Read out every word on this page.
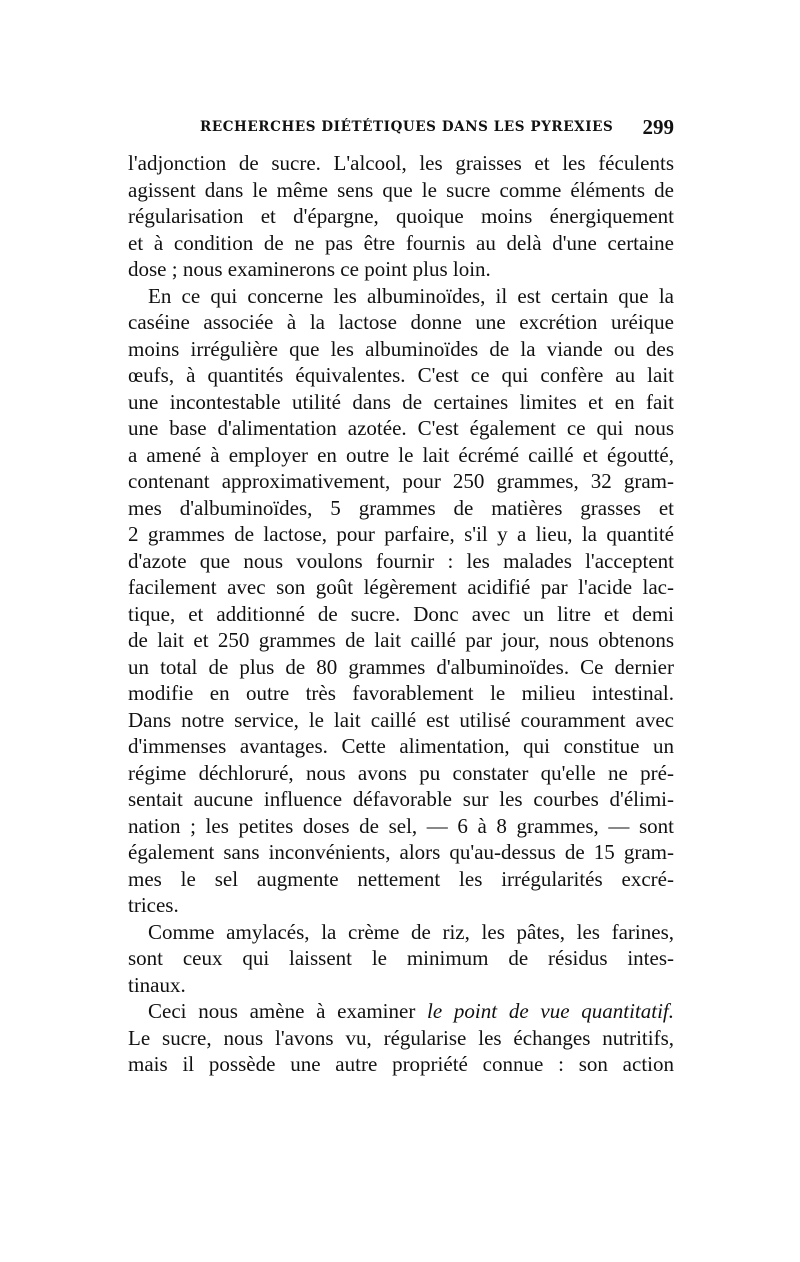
RECHERCHES DIÉTÉTIQUES DANS LES PYREXIES 299
l'adjonction de sucre. L'alcool, les graisses et les féculents
agissent dans le même sens que le sucre comme éléments de
régularisation et d'épargne, quoique moins énergiquement
et à condition de ne pas être fournis au delà d'une certaine
dose ; nous examinerons ce point plus loin.
En ce qui concerne les albuminoïdes, il est certain que la
caséine associée à la lactose donne une excrétion uréique
moins irrégulière que les albuminoïdes de la viande ou des
œufs, à quantités équivalentes. C'est ce qui confère au lait
une incontestable utilité dans de certaines limites et en fait
une base d'alimentation azotée. C'est également ce qui nous
a amené à employer en outre le lait écrémé caillé et égoutté,
contenant approximativement, pour 250 grammes, 32 gram-
mes d'albuminoïdes, 5 grammes de matières grasses et
2 grammes de lactose, pour parfaire, s'il y a lieu, la quantité
d'azote que nous voulons fournir : les malades l'acceptent
facilement avec son goût légèrement acidifié par l'acide lac-
tique, et additionné de sucre. Donc avec un litre et demi
de lait et 250 grammes de lait caillé par jour, nous obtenons
un total de plus de 80 grammes d'albuminoïdes. Ce dernier
modifie en outre très favorablement le milieu intestinal.
Dans notre service, le lait caillé est utilisé couramment avec
d'immenses avantages. Cette alimentation, qui constitue un
régime déchloruré, nous avons pu constater qu'elle ne pré-
sentait aucune influence défavorable sur les courbes d'élimi-
nation ; les petites doses de sel, — 6 à 8 grammes, — sont
également sans inconvénients, alors qu'au-dessus de 15 gram-
mes le sel augmente nettement les irrégularités excré-
trices.
Comme amylacés, la crème de riz, les pâtes, les farines,
sont ceux qui laissent le minimum de résidus intes-
tinaux.
Ceci nous amène à examiner le point de vue quantitatif.
Le sucre, nous l'avons vu, régularise les échanges nutritifs,
mais il possède une autre propriété connue : son action
